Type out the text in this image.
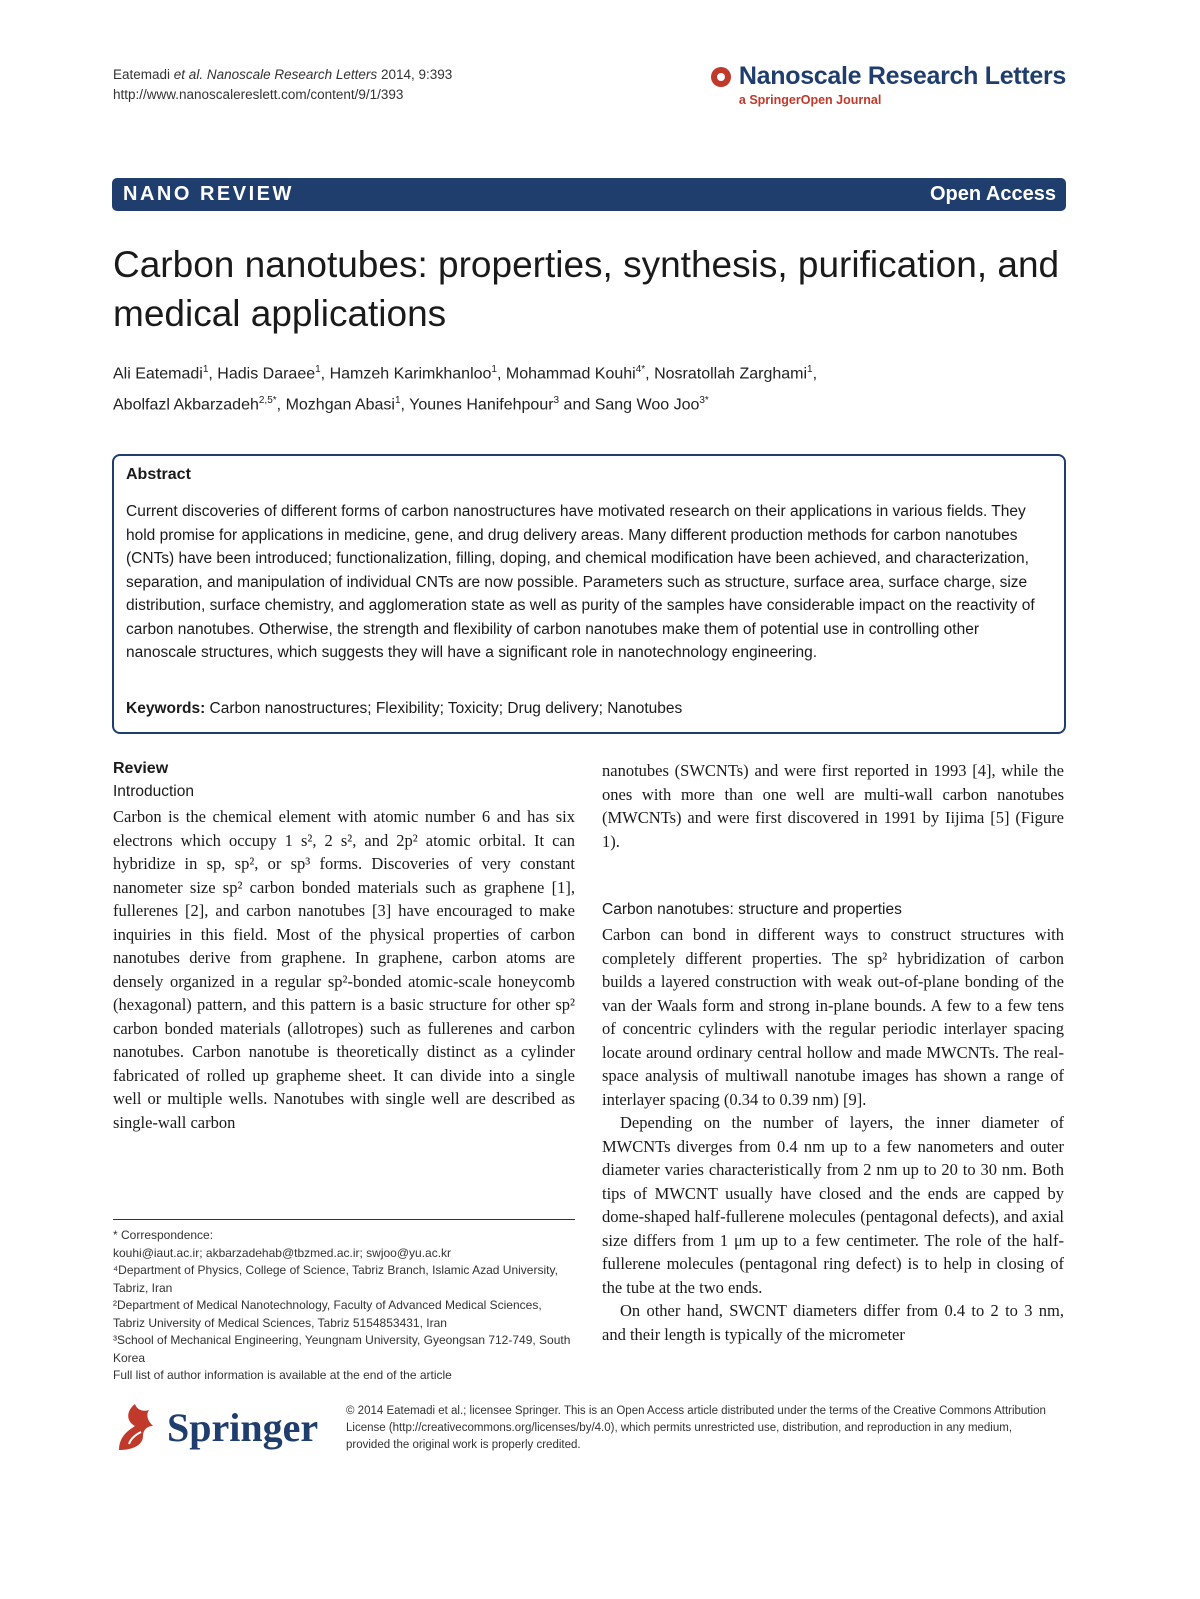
Eatemadi et al. Nanoscale Research Letters 2014, 9:393
http://www.nanoscalereslett.com/content/9/1/393
Nanoscale Research Letters
a SpringerOpen Journal
NANO REVIEW	Open Access
Carbon nanotubes: properties, synthesis, purification, and medical applications
Ali Eatemadi$^1$, Hadis Daraee$^1$, Hamzeh Karimkhanloo$^1$, Mohammad Kouhi$^{4*}$, Nosratollah Zarghami$^1$,
Abolfazl Akbarzadeh$^{2,5*}$, Mozhgan Abasi$^1$, Younes Hanifehpour$^3$ and Sang Woo Joo$^{3*}$
Abstract
Current discoveries of different forms of carbon nanostructures have motivated research on their applications in various fields. They hold promise for applications in medicine, gene, and drug delivery areas. Many different production methods for carbon nanotubes (CNTs) have been introduced; functionalization, filling, doping, and chemical modification have been achieved, and characterization, separation, and manipulation of individual CNTs are now possible. Parameters such as structure, surface area, surface charge, size distribution, surface chemistry, and agglomeration state as well as purity of the samples have considerable impact on the reactivity of carbon nanotubes. Otherwise, the strength and flexibility of carbon nanotubes make them of potential use in controlling other nanoscale structures, which suggests they will have a significant role in nanotechnology engineering.
Keywords: Carbon nanostructures; Flexibility; Toxicity; Drug delivery; Nanotubes
Review
Introduction

Carbon is the chemical element with atomic number 6 and has six electrons which occupy 1 s², 2 s², and 2p² atomic orbital. It can hybridize in sp, sp², or sp³ forms. Discoveries of very constant nanometer size sp² carbon bonded materials such as graphene [1], fullerenes [2], and carbon nanotubes [3] have encouraged to make inquiries in this field. Most of the physical properties of carbon nanotubes derive from graphene. In graphene, carbon atoms are densely organized in a regular sp²-bonded atomic-scale honeycomb (hexagonal) pattern, and this pattern is a basic structure for other sp² carbon bonded materials (allotropes) such as fullerenes and carbon nanotubes. Carbon nanotube is theoretically distinct as a cylinder fabricated of rolled up grapheme sheet. It can divide into a single well or multiple wells. Nanotubes with single well are described as single-wall carbon

nanotubes (SWCNTs) and were first reported in 1993 [4], while the ones with more than one well are multi-wall carbon nanotubes (MWCNTs) and were first discovered in 1991 by Iijima [5] (Figure 1).

Carbon nanotubes: structure and properties

Carbon can bond in different ways to construct structures with completely different properties. The sp² hybridization of carbon builds a layered construction with weak out-of-plane bonding of the van der Waals form and strong in-plane bounds. A few to a few tens of concentric cylinders with the regular periodic interlayer spacing locate around ordinary central hollow and made MWCNTs. The real-space analysis of multiwall nanotube images has shown a range of interlayer spacing (0.34 to 0.39 nm) [9].

Depending on the number of layers, the inner diameter of MWCNTs diverges from 0.4 nm up to a few nanometers and outer diameter varies characteristically from 2 nm up to 20 to 30 nm. Both tips of MWCNT usually have closed and the ends are capped by dome-shaped half-fullerene molecules (pentagonal defects), and axial size differs from 1 μm up to a few centimeter. The role of the half-fullerene molecules (pentagonal ring defect) is to help in closing of the tube at the two ends.

On other hand, SWCNT diameters differ from 0.4 to 2 to 3 nm, and their length is typically of the micrometer

* Correspondence:
kouhi@iaut.ac.ir; akbarzadehab@tbzmed.ac.ir; swjoo@yu.ac.kr
⁴Department of Physics, College of Science, Tabriz Branch, Islamic Azad University, Tabriz, Iran
²Department of Medical Nanotechnology, Faculty of Advanced Medical Sciences, Tabriz University of Medical Sciences, Tabriz 5154853431, Iran
³School of Mechanical Engineering, Yeungnam University, Gyeongsan 712-749, South Korea
Full list of author information is available at the end of the article
Springer © 2014 Eatemadi et al.; licensee Springer. This is an Open Access article distributed under the terms of the Creative Commons Attribution License (http://creativecommons.org/licenses/by/4.0), which permits unrestricted use, distribution, and reproduction in any medium, provided the original work is properly credited.
